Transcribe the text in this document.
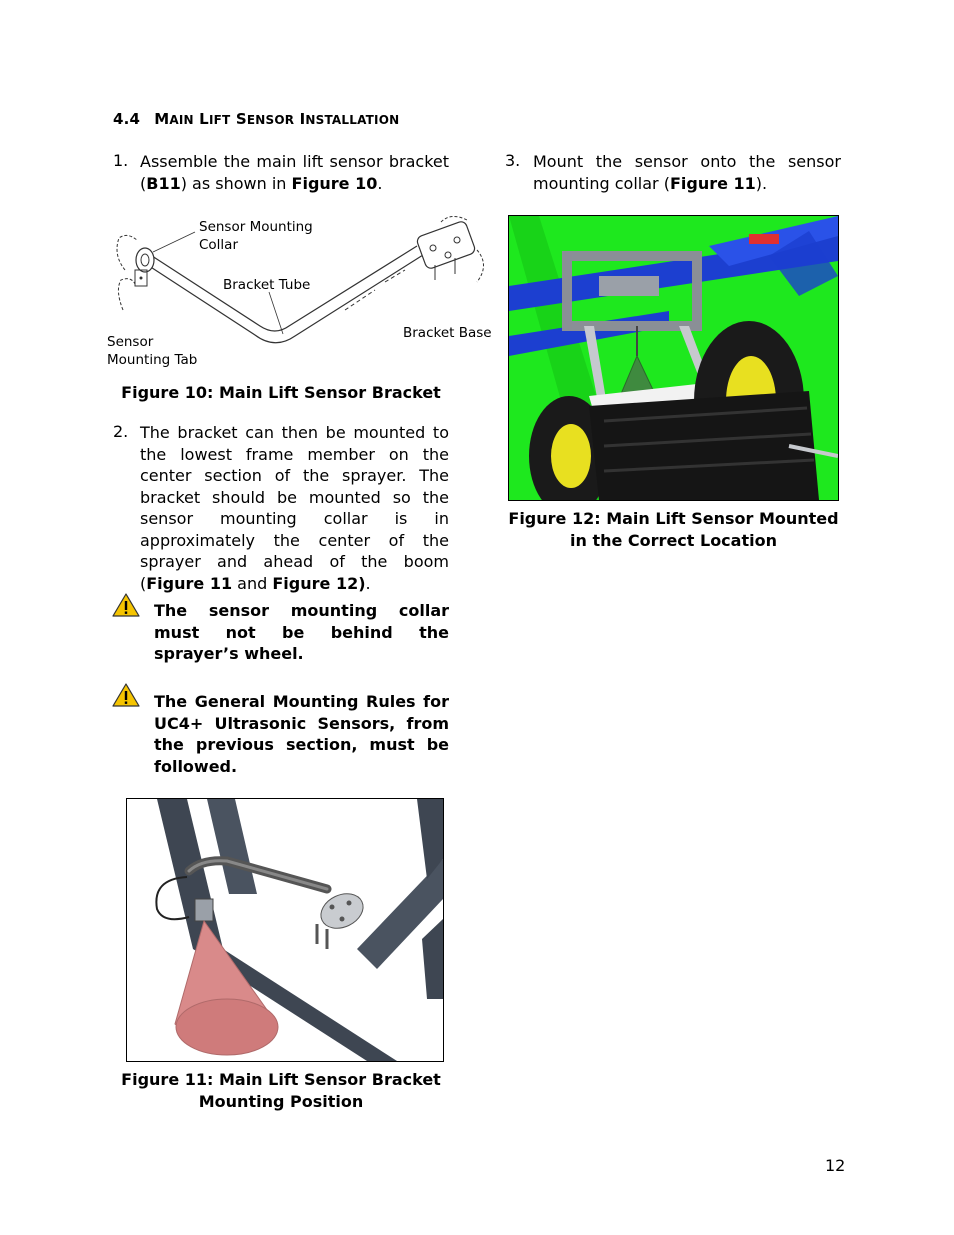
4.4 MAIN LIFT SENSOR INSTALLATION
1. Assemble the main lift sensor bracket (B11) as shown in Figure 10.
Sensor Mounting
Collar
Bracket Tube
Bracket Base
Sensor
Mounting Tab
Figure 10: Main Lift Sensor Bracket
2. The bracket can then be mounted to the lowest frame member on the center section of the sprayer. The bracket should be mounted so the sensor mounting collar is in approximately the center of the sprayer and ahead of the boom (Figure 11 and Figure 12).
The sensor mounting collar must not be behind the sprayer’s wheel.
The General Mounting Rules for UC4+ Ultrasonic Sensors, from the previous section, must be followed.
Figure 11: Main Lift Sensor Bracket
Mounting Position
3. Mount the sensor onto the sensor mounting collar (Figure 11).
Figure 12: Main Lift Sensor Mounted
in the Correct Location
12
